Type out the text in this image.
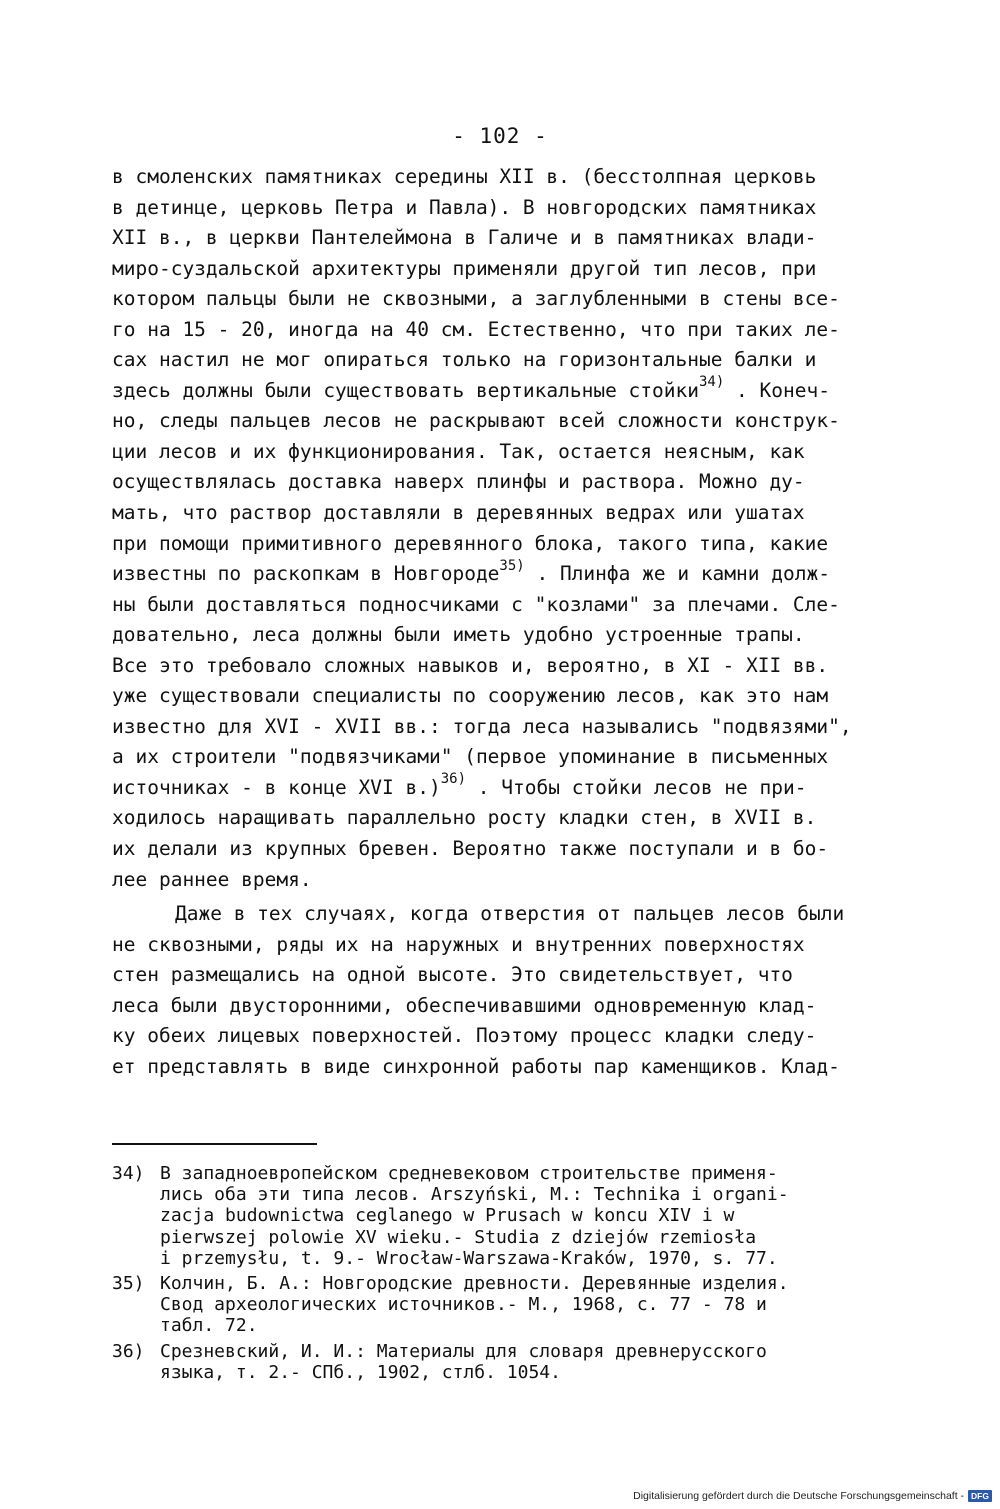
- 102 -
в смоленских памятниках середины XII в. (бесстолпная церковь
в детинце, церковь Петра и Павла). В новгородских памятниках
XII в., в церкви Пантелеймона в Галиче и в памятниках влади-
миро-суздальской архитектуры применяли другой тип лесов, при
котором пальцы были не сквозными, а заглубленными в стены все-
го на 15 - 20, иногда на 40 см. Естественно, что при таких ле-
сах настил не мог опираться только на горизонтальные балки и
здесь должны были существовать вертикальные стойки$^{34)}$ . Конеч-
но, следы пальцев лесов не раскрывают всей сложности конструк-
ции лесов и их функционирования. Так, остается неясным, как
осуществлялась доставка наверх плинфы и раствора. Можно ду-
мать, что раствор доставляли в деревянных ведрах или ушатах
при помощи примитивного деревянного блока, такого типа, какие
известны по раскопкам в Новгороде$^{35)}$ . Плинфа же и камни долж-
ны были доставляться подносчиками с "козлами" за плечами. Сле-
довательно, леса должны были иметь удобно устроенные трапы.
Все это требовало сложных навыков и, вероятно, в XI - XII вв.
уже существовали специалисты по сооружению лесов, как это нам
известно для XVI - XVII вв.: тогда леса назывались "подвязями",
а их строители "подвязчиками" (первое упоминание в письменных
источниках - в конце XVI в.)$^{36)}$ . Чтобы стойки лесов не при-
ходилось наращивать параллельно росту кладки стен, в XVII в.
их делали из крупных бревен. Вероятно также поступали и в бо-
лее раннее время.
Даже в тех случаях, когда отверстия от пальцев лесов были
не сквозными, ряды их на наружных и внутренних поверхностях
стен размещались на одной высоте. Это свидетельствует, что
леса были двусторонними, обеспечивавшими одновременную клад-
ку обеих лицевых поверхностей. Поэтому процесс кладки следу-
ет представлять в виде синхронной работы пар каменщиков. Клад-
34) В западноевропейском средневековом строительстве применя-
лись оба эти типа лесов. Arszyński, M.: Technika i organi-
zacja budownictwa ceglanego w Prusach w koncu XIV i w
pierwszej polowie XV wieku.- Studia z dziejów rzemiosła
i przemysłu, t. 9.- Wrocław-Warszawa-Kraków, 1970, s. 77.
35) Колчин, Б. А.: Новгородские древности. Деревянные изделия.
Свод археологических источников.- М., 1968, с. 77 - 78 и
табл. 72.
36) Срезневский, И. И.: Материалы для словаря древнерусского
языка, т. 2.- СПб., 1902, стлб. 1054.
Digitalisierung gefördert durch die Deutsche Forschungsgemeinschaft - DFG
